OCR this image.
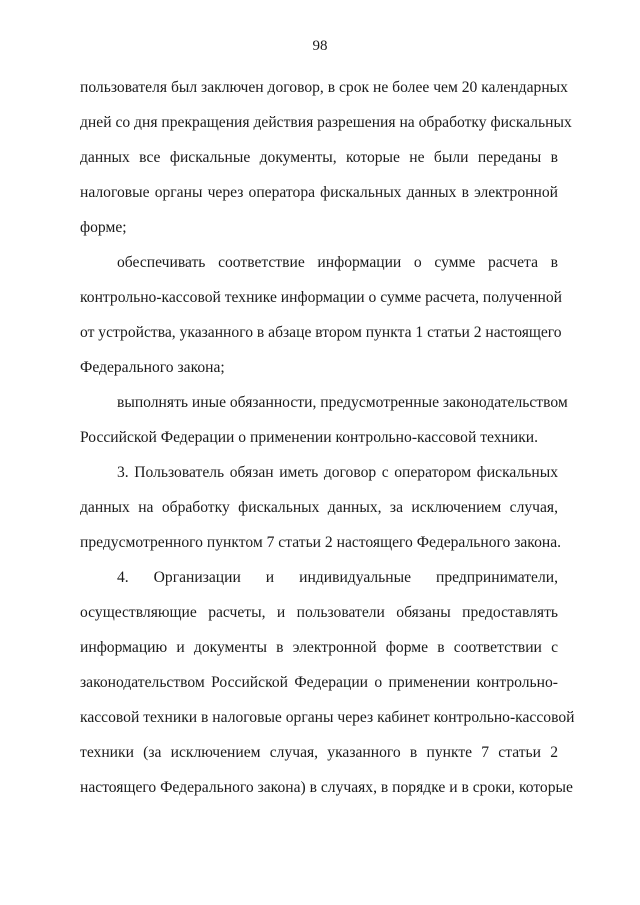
98
пользователя был заключен договор, в срок не более чем 20 календарных
дней со дня прекращения действия разрешения на обработку фискальных
данных все фискальные документы, которые не были переданы в
налоговые органы через оператора фискальных данных в электронной
форме;
обеспечивать соответствие информации о сумме расчета в
контрольно-кассовой технике информации о сумме расчета, полученной
от устройства, указанного в абзаце втором пункта 1 статьи 2 настоящего
Федерального закона;
выполнять иные обязанности, предусмотренные законодательством
Российской Федерации о применении контрольно-кассовой техники.
3. Пользователь обязан иметь договор с оператором фискальных
данных на обработку фискальных данных, за исключением случая,
предусмотренного пунктом 7 статьи 2 настоящего Федерального закона.
4. Организации и индивидуальные предприниматели,
осуществляющие расчеты, и пользователи обязаны предоставлять
информацию и документы в электронной форме в соответствии с
законодательством Российской Федерации о применении контрольно-
кассовой техники в налоговые органы через кабинет контрольно-кассовой
техники (за исключением случая, указанного в пункте 7 статьи 2
настоящего Федерального закона) в случаях, в порядке и в сроки, которые
